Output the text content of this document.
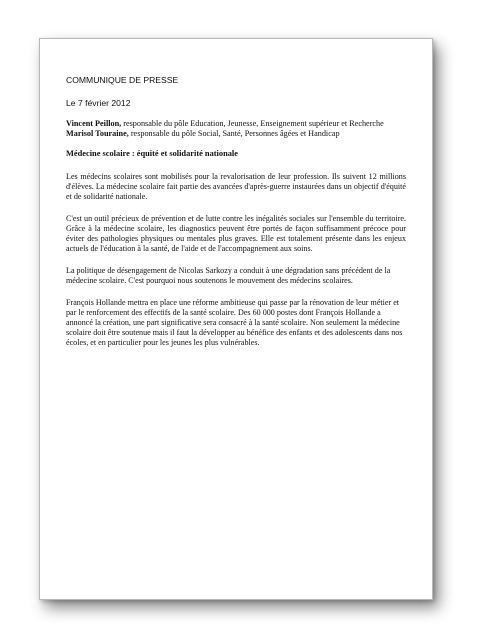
COMMUNIQUE DE PRESSE
Le 7 février 2012
Vincent Peillon, responsable du pôle Education, Jeunesse, Enseignement supérieur et Recherche
Marisol Touraine, responsable du pôle Social, Santé, Personnes âgées et Handicap
Médecine scolaire : équité et solidarité nationale
Les médecins scolaires sont mobilisés pour la revalorisation de leur profession. Ils suivent 12 millions d'élèves. La médecine scolaire fait partie des avancées d'après-guerre instaurées dans un objectif d'équité et de solidarité nationale.
C'est un outil précieux de prévention et de lutte contre les inégalités sociales sur l'ensemble du territoire. Grâce à la médecine scolaire, les diagnostics peuvent être portés de façon suffisamment précoce pour éviter des pathologies physiques ou mentales plus graves. Elle est totalement présente dans les enjeux actuels de l'éducation à la santé, de l'aide et de l'accompagnement aux soins.
La politique de désengagement de Nicolas Sarkozy a conduit à une dégradation sans précédent de la médecine scolaire. C'est pourquoi nous soutenons le mouvement des médecins scolaires.
François Hollande mettra en place une réforme ambitieuse qui passe par la rénovation de leur métier et par le renforcement des effectifs de la santé scolaire. Des 60 000 postes dont François Hollande a annoncé la création, une part significative sera consacré à la santé scolaire. Non seulement la médecine scolaire doit être soutenue mais il faut la développer au bénéfice des enfants et des adolescents dans nos écoles, et en particulier pour les jeunes les plus vulnérables.
